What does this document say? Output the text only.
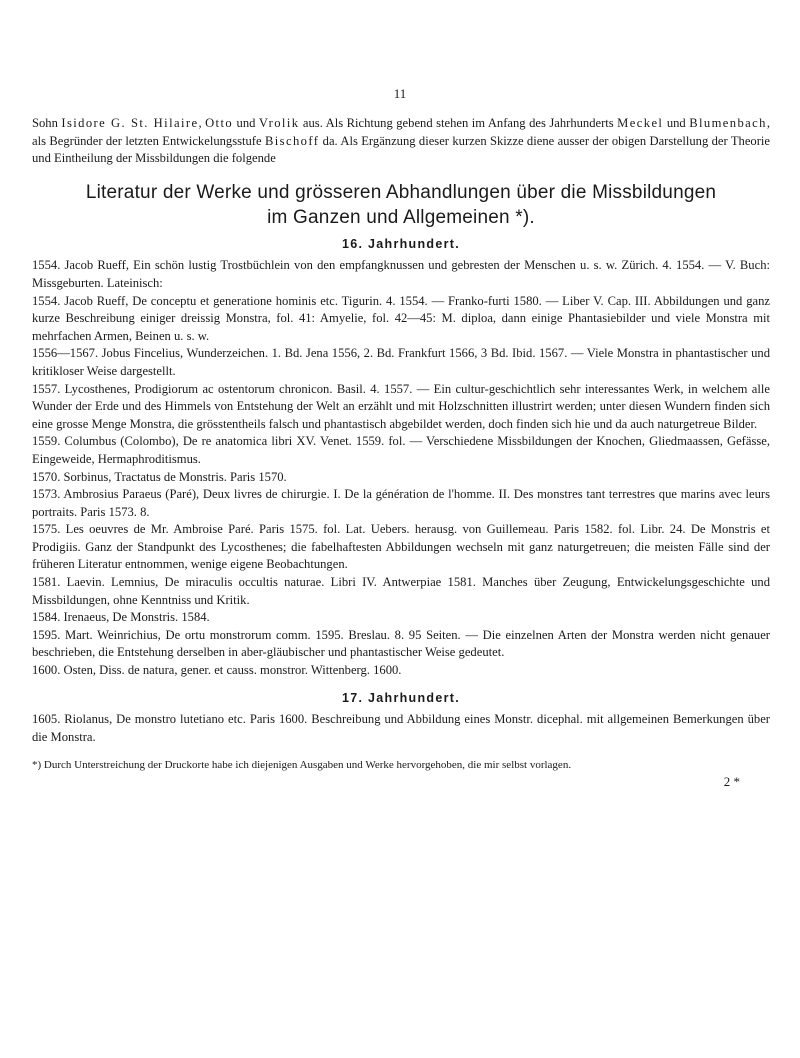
11

Sohn Isidore G. St. Hilaire, Otto und Vrolik aus. Als Richtung gebend stehen im Anfang des Jahrhunderts Meckel und Blumenbach, als Begründer der letzten Entwickelungsstufe Bischoff da. Als Ergänzung dieser kurzen Skizze diene ausser der obigen Darstellung der Theorie und Eintheilung der Missbildungen die folgende

Literatur der Werke und grösseren Abhandlungen über die Missbildungen
im Ganzen und Allgemeinen *).
16. Jahrhundert.

1554. Jacob Rueff, Ein schön lustig Trostbüchlein von den empfangknussen und gebresten der Menschen u. s. w. Zürich. 4. 1554. — V. Buch: Missgeburten. Lateinisch:

1554. Jacob Rueff, De conceptu et generatione hominis etc. Tigurin. 4. 1554. — Franko-furti 1580. — Liber V. Cap. III. Abbildungen und ganz kurze Beschreibung einiger dreissig Monstra, fol. 41: Amyelie, fol. 42—45: M. diploa, dann einige Phantasiebilder und viele Monstra mit mehrfachen Armen, Beinen u. s. w.

1556—1567. Jobus Fincelius, Wunderzeichen. 1. Bd. Jena 1556, 2. Bd. Frankfurt 1566, 3 Bd. Ibid. 1567. — Viele Monstra in phantastischer und kritikloser Weise dargestellt.

1557. Lycosthenes, Prodigiorum ac ostentorum chronicon. Basil. 4. 1557. — Ein cultur-geschichtlich sehr interessantes Werk, in welchem alle Wunder der Erde und des Himmels von Entstehung der Welt an erzählt und mit Holzschnitten illustrirt werden; unter diesen Wundern finden sich eine grosse Menge Monstra, die grösstentheils falsch und phantastisch abgebildet werden, doch finden sich hie und da auch naturgetreue Bilder.

1559. Columbus (Colombo), De re anatomica libri XV. Venet. 1559. fol. — Verschiedene Missbildungen der Knochen, Gliedmaassen, Gefässe, Eingeweide, Hermaphroditismus.

1570. Sorbinus, Tractatus de Monstris. Paris 1570.

1573. Ambrosius Paraeus (Paré), Deux livres de chirurgie. I. De la génération de l'homme. II. Des monstres tant terrestres que marins avec leurs portraits. Paris 1573. 8.

1575. Les oeuvres de Mr. Ambroise Paré. Paris 1575. fol. Lat. Uebers. herausg. von Guillemeau. Paris 1582. fol. Libr. 24. De Monstris et Prodigiis. Ganz der Standpunkt des Lycosthenes; die fabelhaftesten Abbildungen wechseln mit ganz naturgetreuen; die meisten Fälle sind der früheren Literatur entnommen, wenige eigene Beobachtungen.

1581. Laevin. Lemnius, De miraculis occultis naturae. Libri IV. Antwerpiae 1581. Manches über Zeugung, Entwickelungsgeschichte und Missbildungen, ohne Kenntniss und Kritik.

1584. Irenaeus, De Monstris. 1584.

1595. Mart. Weinrichius, De ortu monstrorum comm. 1595. Breslau. 8. 95 Seiten. — Die einzelnen Arten der Monstra werden nicht genauer beschrieben, die Entstehung derselben in aber-gläubischer und phantastischer Weise gedeutet.

1600. Osten, Diss. de natura, gener. et causs. monstror. Wittenberg. 1600.

17. Jahrhundert.

1605. Riolanus, De monstro lutetiano etc. Paris 1600. Beschreibung und Abbildung eines Monstr. dicephal. mit allgemeinen Bemerkungen über die Monstra.

*) Durch Unterstreichung der Druckorte habe ich diejenigen Ausgaben und Werke hervorgehoben, die mir selbst vorlagen.
2 *
